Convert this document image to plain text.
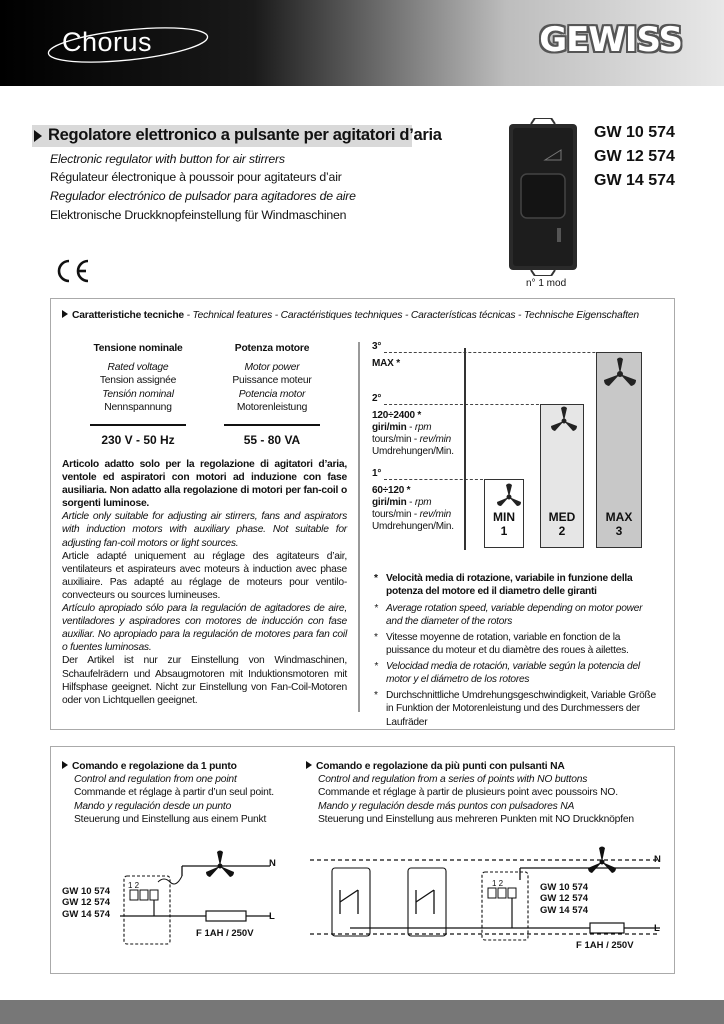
Chorus	GEWISS
Regolatore elettronico a pulsante per agitatori d’aria
Electronic regulator with button for air stirrers
Régulateur électronique à poussoir pour agitateurs d’air
Regulador electrónico de pulsador para agitadores de aire
Elektronische Druckknopfeinstellung für Windmaschinen
GW 10 574
GW 12 574
GW 14 574
n° 1 mod
Caratteristiche tecniche - Technical features - Caractéristiques techniques - Características técnicas - Technische Eigenschaften
Tensione nominale
Rated voltage
Tension assignée
Tensión nominal
Nennspannung
230 V - 50 Hz
Potenza motore
Motor power
Puissance moteur
Potencia motor
Motorenleistung
55 - 80 VA
Articolo adatto solo per la regolazione di agitatori d’aria, ventole ed aspiratori con motori ad induzione con fase ausiliaria. Non adatto alla regolazione di motori per fan-coil o sorgenti luminose.
Article only suitable for adjusting air stirrers, fans and aspirators with induction motors with auxiliary phase. Not suitable for adjusting fan-coil motors or light sources.
Article adapté uniquement au réglage des agitateurs d’air, ventilateurs et aspirateurs avec moteurs à induction avec phase auxiliaire. Pas adapté au réglage de moteurs pour ventilo-convecteurs ou sources lumineuses.
Artículo apropiado sólo para la regulación de agitadores de aire, ventiladores y aspiradores con motores de inducción con fase auxiliar. No apropiado para la regulación de motores para fan coil o fuentes luminosas.
Der Artikel ist nur zur Einstellung von Windmaschinen, Schaufelrädern und Absaugmotoren mit Induktionsmotoren mit Hilfsphase geeignet. Nicht zur Einstellung von Fan-Coil-Motoren oder von Lichtquellen geeignet.
3°
MAX *
2°
120÷2400 *
giri/min - rpm
tours/min - rev/min
Umdrehungen/Min.
1°
60÷120 *
giri/min - rpm
tours/min - rev/min
Umdrehungen/Min.
MIN
1
MED
2
MAX
3
* Velocità media di rotazione, variabile in funzione della potenza del motore ed il diametro delle giranti
* Average rotation speed, variable depending on motor power and the diameter of the rotors
* Vitesse moyenne de rotation, variable en fonction de la puissance du moteur et du diamètre des roues à ailettes.
* Velocidad media de rotación, variable según la potencia del motor y el diámetro de los rotores
* Durchschnittliche Umdrehungsgeschwindigkeit, Variable Größe in Funktion der Motorenleistung und des Durchmessers der Laufräder
Comando e regolazione da 1 punto
Control and regulation from one point
Commande et réglage à partir d’un seul point.
Mando y regulación desde un punto
Steuerung und Einstellung aus einem Punkt
Comando e regolazione da più punti con pulsanti NA
Control and regulation from a series of points with NO buttons
Commande et réglage à partir de plusieurs point avec poussoirs NO.
Mando y regulación desde más puntos con pulsadores NA
Steuerung und Einstellung aus mehreren Punkten mit NO Druckknöpfen
N
L
F 1AH / 250V
1 2
GW 10 574
GW 12 574
GW 14 574
N
L
F 1AH / 250V
1 2	GW 10 574
GW 12 574
GW 14 574
